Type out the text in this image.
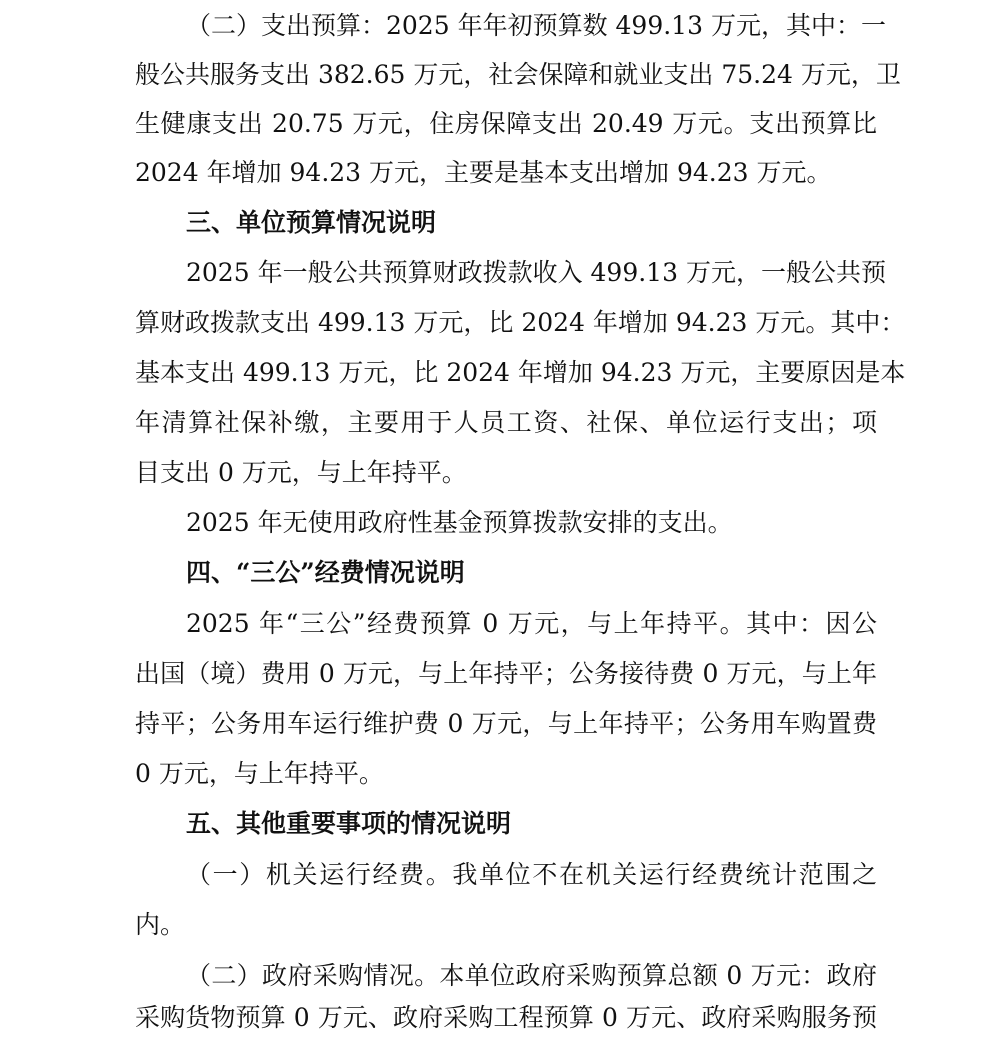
（二）支出预算：2025 年年初预算数 499.13 万元，其中：一
般公共服务支出 382.65 万元，社会保障和就业支出 75.24 万元，卫
生健康支出 20.75 万元，住房保障支出 20.49 万元。支出预算比
2024 年增加 94.23 万元，主要是基本支出增加 94.23 万元。
三、单位预算情况说明
2025 年一般公共预算财政拨款收入 499.13 万元，一般公共预
算财政拨款支出 499.13 万元，比 2024 年增加 94.23 万元。其中：
基本支出 499.13 万元，比 2024 年增加 94.23 万元，主要原因是本
年清算社保补缴，主要用于人员工资、社保、单位运行支出；项
目支出 0 万元，与上年持平。
2025 年无使用政府性基金预算拨款安排的支出。
四、“三公”经费情况说明
2025 年“三公”经费预算 0 万元，与上年持平。其中：因公
出国（境）费用 0 万元，与上年持平；公务接待费 0 万元，与上年
持平；公务用车运行维护费 0 万元，与上年持平；公务用车购置费
0 万元，与上年持平。
五、其他重要事项的情况说明
（一）机关运行经费。我单位不在机关运行经费统计范围之
内。
（二）政府采购情况。本单位政府采购预算总额 0 万元：政府
采购货物预算 0 万元、政府采购工程预算 0 万元、政府采购服务预
